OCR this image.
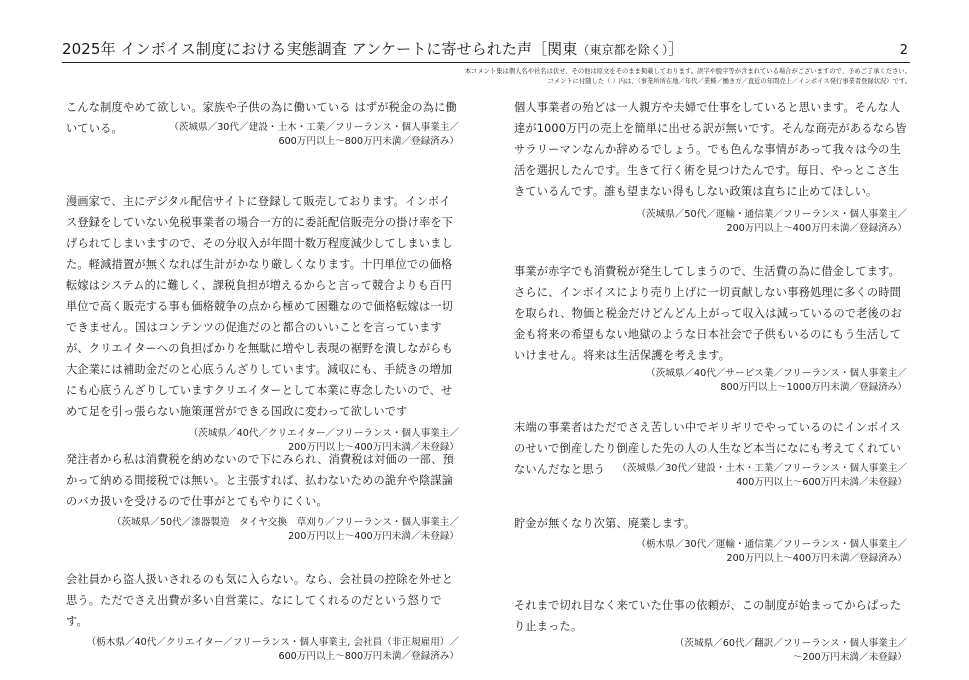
2025年 インボイス制度における実態調査 アンケートに寄せられた声［関東（東京都を除く）］	2
本コメント集は個人名や社名は伏せ、その他は原文をそのまま掲載しております。誤字や脱字等が含まれている場合がございますので、予めご了承ください。
コメントに付随した（ ）内は、（事業所所在地／年代／業種／働き方／直近の年間売上／インボイス発行事業者登録状況）です。

こんな制度やめて欲しい。家族や子供の為に働いている はずが税金の為に働いている。	（茨城県／30代／建設・土木・工業／フリーランス・個人事業主／

600万円以上～800万円未満／登録済み）

漫画家で、主にデジタル配信サイトに登録して販売しております。インボイス登録をしていない免税事業者の場合一方的に委託配信販売分の掛け率を下げられてしまいますので、その分収入が年間十数万程度減少してしまいました。軽減措置が無くなれば生計がかなり厳しくなります。十円単位での価格転嫁はシステム的に難しく、課税負担が増えるからと言って競合よりも百円単位で高く販売する事も価格競争の点から極めて困難なので価格転嫁は一切できません。国はコンテンツの促進だのと都合のいいことを言っていますが、クリエイターへの負担ばかりを無駄に増やし表現の裾野を潰しながらも大企業には補助金だのと心底うんざりしています。減収にも、手続きの増加にも心底うんざりしていますクリエイターとして本業に専念したいので、せめて足を引っ張らない施策運営ができる国政に変わって欲しいです

（茨城県／40代／クリエイター／フリーランス・個人事業主／

200万円以上～400万円未満／未登録）

発注者から私は消費税を納めないので下にみられ、消費税は対価の一部、預かって納める間接税では無い。と主張すれば、払わないための詭弁や陰謀論のバカ扱いを受けるので仕事がとてもやりにくい。

（茨城県／50代／漆器製造　タイヤ交換　草刈り／フリーランス・個人事業主／

200万円以上～400万円未満／未登録）

会社員から盗人扱いされるのも気に入らない。なら、会社員の控除を外せと思う。ただでさえ出費が多い自営業に、なにしてくれるのだという怒りです。

（栃木県／40代／クリエイター／フリーランス・個人事業主, 会社員（非正規雇用）／

600万円以上～800万円未満／登録済み）

個人事業者の殆どは一人親方や夫婦で仕事をしていると思います。そんな人達が1000万円の売上を簡単に出せる訳が無いです。そんな商売があるなら皆サラリーマンなんか辞めるでしょう。でも色んな事情があって我々は今の生活を選択したんです。生きて行く術を見つけたんです。毎日、やっとこさ生きているんです。誰も望まない得もしない政策は直ちに止めてほしい。

（茨城県／50代／運輸・通信業／フリーランス・個人事業主／

200万円以上～400万円未満／登録済み）

事業が赤字でも消費税が発生してしまうので、生活費の為に借金してます。さらに、インボイスにより売り上げに一切貢献しない事務処理に多くの時間を取られ、物価と税金だけどんどん上がって収入は減っているので老後のお金も将来の希望もない地獄のような日本社会で子供もいるのにもう生活していけません。将来は生活保護を考えます。

（茨城県／40代／サービス業／フリーランス・個人事業主／

800万円以上～1000万円未満／登録済み）

末端の事業者はただでさえ苦しい中でギリギリでやっているのにインボイスのせいで倒産したり倒産した先の人の人生など本当になにも考えてくれていないんだなと思う	（茨城県／30代／建設・土木・工業／フリーランス・個人事業主／

400万円以上～600万円未満／未登録）

貯金が無くなり次第、廃業します。

（栃木県／30代／運輸・通信業／フリーランス・個人事業主／

200万円以上～400万円未満／登録済み）

それまで切れ目なく来ていた仕事の依頼が、この制度が始まってからぱったり止まった。

（茨城県／60代／翻訳／フリーランス・個人事業主／

～200万円未満／未登録）
